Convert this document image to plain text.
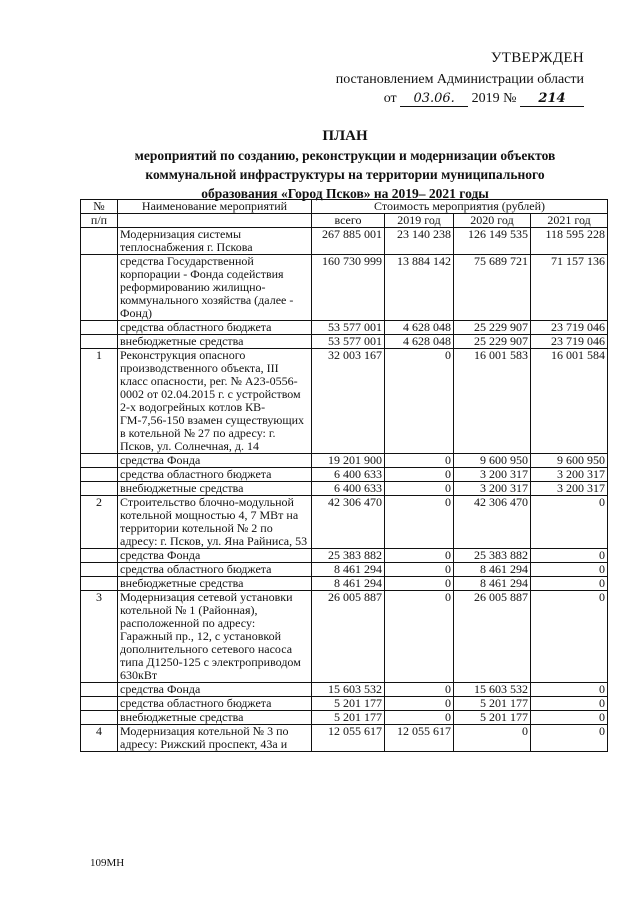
УТВЕРЖДЕН
постановлением Администрации области
от 03.06. 2019 № 214
ПЛАН
мероприятий по созданию, реконструкции и модернизации объектов
коммунальной инфраструктуры на территории муниципального
образования «Город Псков» на 2019– 2021 годы
№	Наименование мероприятий	Стоимость мероприятия (рублей)			
п/п		всего	2019 год	2020 год	2021 год
	Модернизация системы теплоснабжения г. Пскова	267 885 001	23 140 238	126 149 535	118 595 228
	средства Государственной корпорации - Фонда содействия реформированию жилищно-коммунального хозяйства (далее - Фонд)	160 730 999	13 884 142	75 689 721	71 157 136
	средства областного бюджета	53 577 001	4 628 048	25 229 907	23 719 046
	внебюджетные средства	53 577 001	4 628 048	25 229 907	23 719 046
1	Реконструкция опасного производственного объекта, III класс опасности, рег. № А23-0556-0002 от 02.04.2015 г. с устройством 2-х водогрейных котлов КВ-ГМ-7,56-150 взамен существующих в котельной № 27 по адресу: г. Псков, ул. Солнечная, д. 14	32 003 167	0	16 001 583	16 001 584
	средства Фонда	19 201 900	0	9 600 950	9 600 950
	средства областного бюджета	6 400 633	0	3 200 317	3 200 317
	внебюджетные средства	6 400 633	0	3 200 317	3 200 317
2	Строительство блочно-модульной котельной мощностью 4, 7 МВт на территории котельной № 2 по адресу: г. Псков, ул. Яна Райниса, 53	42 306 470	0	42 306 470	0
	средства Фонда	25 383 882	0	25 383 882	0
	средства областного бюджета	8 461 294	0	8 461 294	0
	внебюджетные средства	8 461 294	0	8 461 294	0
3	Модернизация сетевой установки котельной № 1 (Районная), расположенной по адресу: Гаражный пр., 12, с установкой дополнительного сетевого насоса типа Д1250-125 с электроприводом 630кВт	26 005 887	0	26 005 887	0
	средства Фонда	15 603 532	0	15 603 532	0
	средства областного бюджета	5 201 177	0	5 201 177	0
	внебюджетные средства	5 201 177	0	5 201 177	0
4	Модернизация котельной № 3 по адресу: Рижский проспект, 43а и	12 055 617	12 055 617	0	0
109МН
